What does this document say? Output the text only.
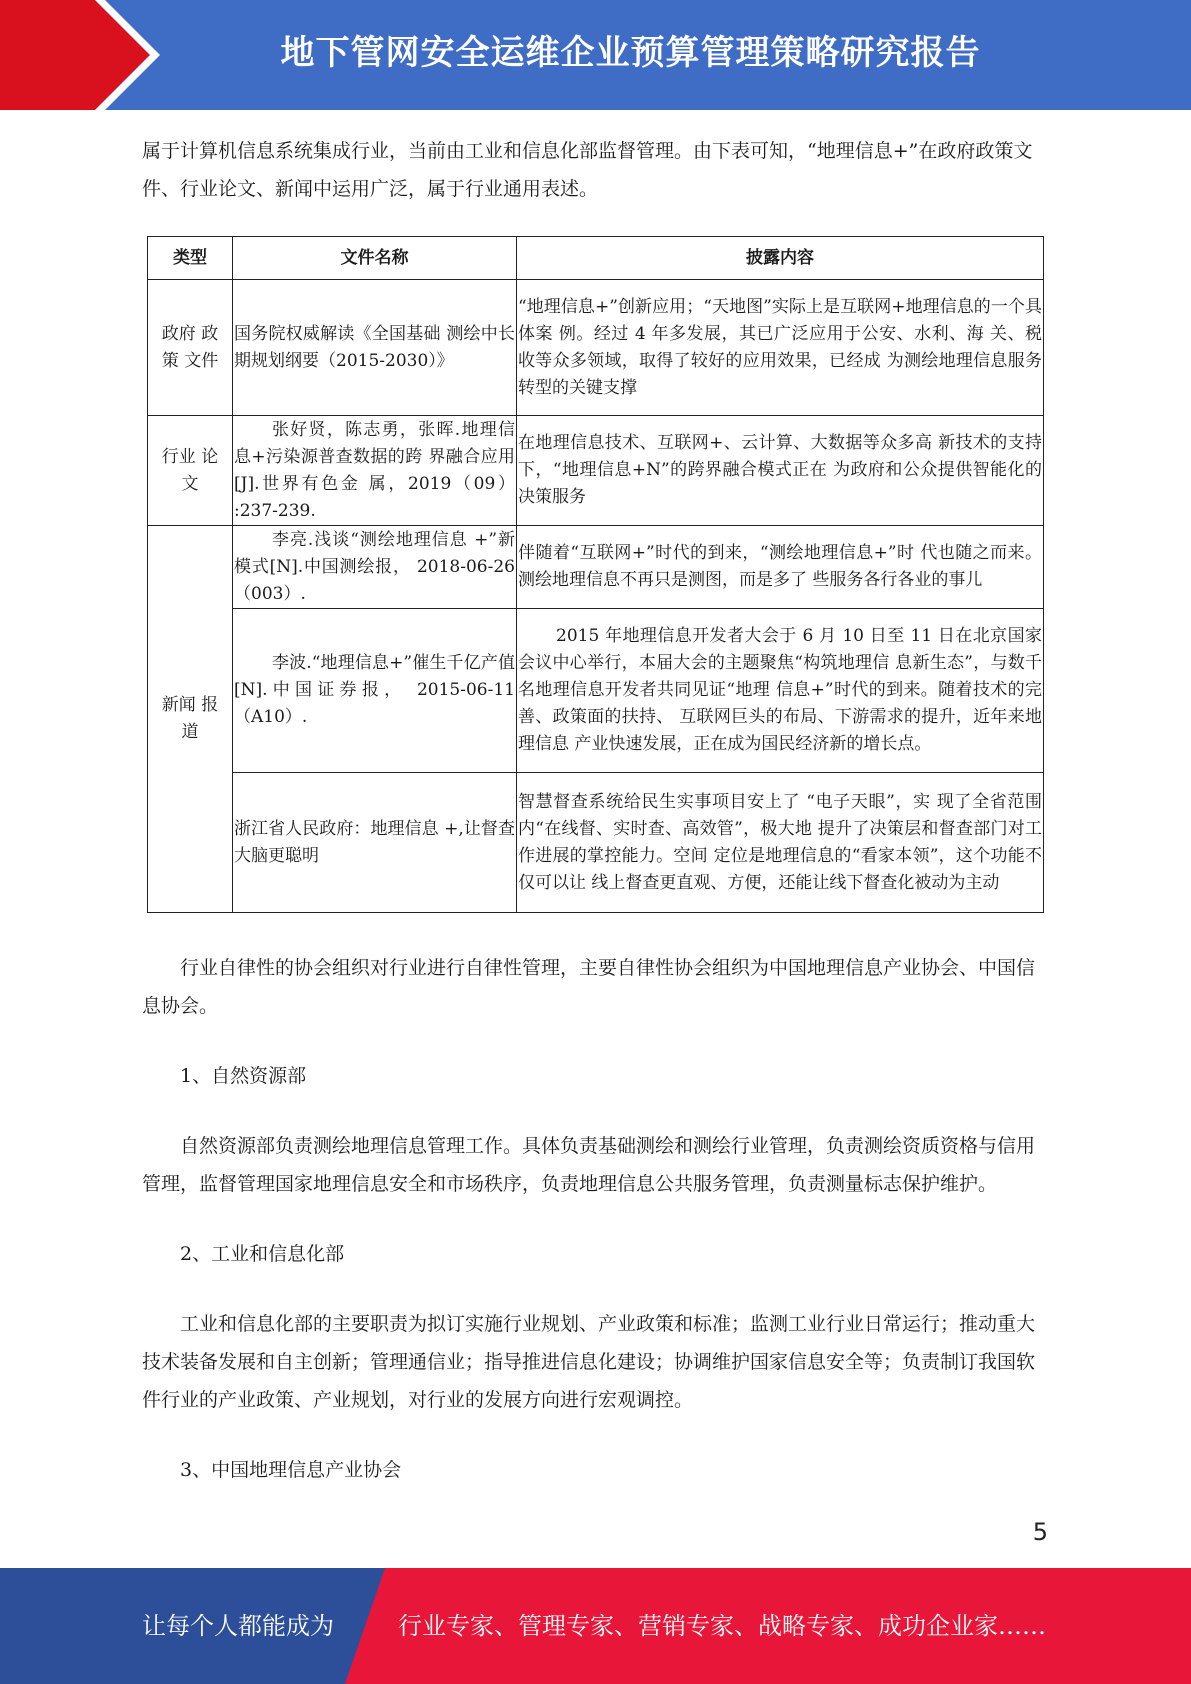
地下管网安全运维企业预算管理策略研究报告

属于计算机信息系统集成行业，当前由工业和信息化部监督管理。由下表可知，“地理信息+”在政府政策文件、行业论文、新闻中运用广泛，属于行业通用表述。

类型	文件名称	披露内容
政府 政策 文件	国务院权威解读《全国基础 测绘中长期规划纲要（2015-2030）》	“地理信息+”创新应用；“天地图”实际上是互联网+地理信息的一个具体案 例。经过 4 年多发展，其已广泛应用于公安、水利、海 关、税收等众多领域，取得了较好的应用效果，已经成 为测绘地理信息服务转型的关键支撑
行业 论文	张好贤，陈志勇，张晖.地理信息+污染源普查数据的跨 界融合应用[J].世界有色金 属，2019（09） :237-239.	在地理信息技术、互联网+、云计算、大数据等众多高 新技术的支持下，“地理信息+N”的跨界融合模式正在 为政府和公众提供智能化的决策服务
新闻 报道	李亮.浅谈“测绘地理信息 +”新模式[N].中国测绘报， 2018-06-26 （003）.	伴随着“互联网+”时代的到来，“测绘地理信息+”时 代也随之而来。测绘地理信息不再只是测图，而是多了 些服务各行各业的事儿
	李波.“地理信息+”催生千亿产值[N].中国证券报， 2015-06-11（A10）.	2015 年地理信息开发者大会于 6 月 10 日至 11 日在北京国家会议中心举行，本届大会的主题聚焦“构筑地理信 息新生态”，与数千名地理信息开发者共同见证“地理 信息+”时代的到来。随着技术的完善、政策面的扶持、 互联网巨头的布局、下游需求的提升，近年来地理信息 产业快速发展，正在成为国民经济新的增长点。
	浙江省人民政府：地理信息 +,让督查大脑更聪明	智慧督查系统给民生实事项目安上了 “电子天眼”，实 现了全省范围内“在线督、实时查、高效管”，极大地 提升了决策层和督查部门对工作进展的掌控能力。空间 定位是地理信息的“看家本领”，这个功能不仅可以让 线上督查更直观、方便，还能让线下督查化被动为主动

行业自律性的协会组织对行业进行自律性管理，主要自律性协会组织为中国地理信息产业协会、中国信息协会。

1、自然资源部

自然资源部负责测绘地理信息管理工作。具体负责基础测绘和测绘行业管理，负责测绘资质资格与信用管理，监督管理国家地理信息安全和市场秩序，负责地理信息公共服务管理，负责测量标志保护维护。

2、工业和信息化部

工业和信息化部的主要职责为拟订实施行业规划、产业政策和标准；监测工业行业日常运行；推动重大技术装备发展和自主创新；管理通信业；指导推进信息化建设；协调维护国家信息安全等；负责制订我国软件行业的产业政策、产业规划，对行业的发展方向进行宏观调控。

3、中国地理信息产业协会

5
让每个人都能成为	行业专家、管理专家、营销专家、战略专家、成功企业家……
